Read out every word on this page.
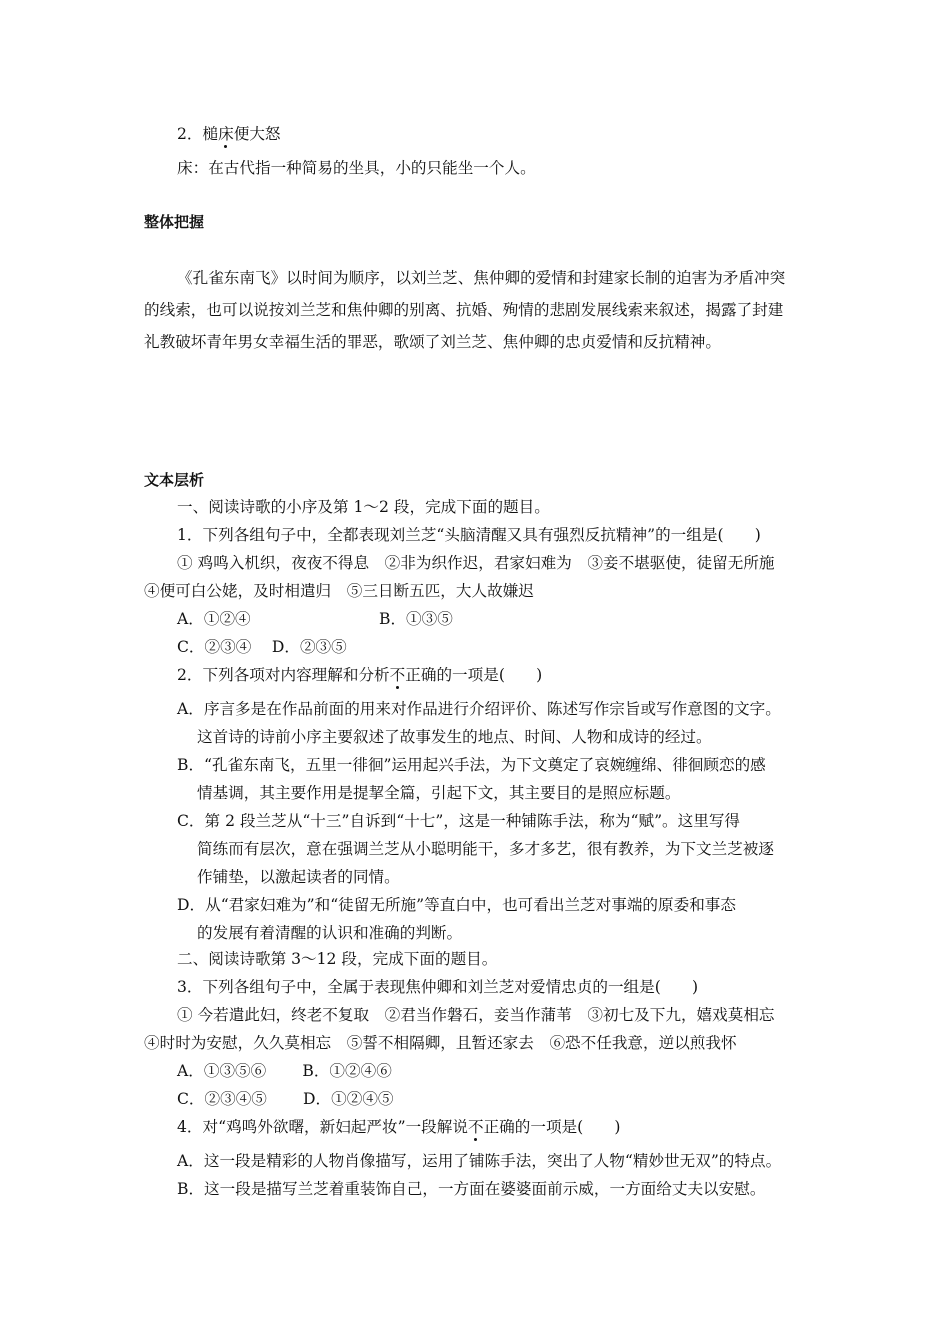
2．槌床便大怒
床：在古代指一种简易的坐具，小的只能坐一个人。
整体把握
《孔雀东南飞》以时间为顺序，以刘兰芝、焦仲卿的爱情和封建家长制的迫害为矛盾冲突
的线索，也可以说按刘兰芝和焦仲卿的别离、抗婚、殉情的悲剧发展线索来叙述，揭露了封建
礼教破坏青年男女幸福生活的罪恶，歌颂了刘兰芝、焦仲卿的忠贞爱情和反抗精神。
文本层析
一、阅读诗歌的小序及第 1～2 段，完成下面的题目。
1．下列各组句子中，全都表现刘兰芝“头脑清醒又具有强烈反抗精神”的一组是(　　)
① 鸡鸣入机织，夜夜不得息　②非为织作迟，君家妇难为　③妾不堪驱使，徒留无所施
④便可白公姥，及时相遣归　⑤三日断五匹，大人故嫌迟
A．①②④	B．①③⑤
C．②③④　 D．②③⑤
2．下列各项对内容理解和分析不正确的一项是(　　)
A．序言多是在作品前面的用来对作品进行介绍评价、陈述写作宗旨或写作意图的文字。
这首诗的诗前小序主要叙述了故事发生的地点、时间、人物和成诗的经过。
B．“孔雀东南飞，五里一徘徊”运用起兴手法，为下文奠定了哀婉缠绵、徘徊顾恋的感
情基调，其主要作用是提挈全篇，引起下文，其主要目的是照应标题。
C．第 2 段兰芝从“十三”自诉到“十七”，这是一种铺陈手法，称为“赋”。这里写得
简练而有层次，意在强调兰芝从小聪明能干，多才多艺，很有教养，为下文兰芝被逐
作铺垫，以激起读者的同情。
D．从“君家妇难为”和“徒留无所施”等直白中，也可看出兰芝对事端的原委和事态
的发展有着清醒的认识和准确的判断。
二、阅读诗歌第 3～12 段，完成下面的题目。
3．下列各组句子中，全属于表现焦仲卿和刘兰芝对爱情忠贞的一组是(　　)
① 今若遣此妇，终老不复取　②君当作磐石，妾当作蒲苇　③初七及下九，嬉戏莫相忘
④时时为安慰，久久莫相忘　⑤誓不相隔卿，且暂还家去　⑥恐不任我意，逆以煎我怀
A．①③⑤⑥　　 B．①②④⑥
C．②③④⑤　　 D．①②④⑤
4．对“鸡鸣外欲曙，新妇起严妆”一段解说不正确的一项是(　　)
A．这一段是精彩的人物肖像描写，运用了铺陈手法，突出了人物“精妙世无双”的特点。
B．这一段是描写兰芝着重装饰自己，一方面在婆婆面前示威，一方面给丈夫以安慰。
